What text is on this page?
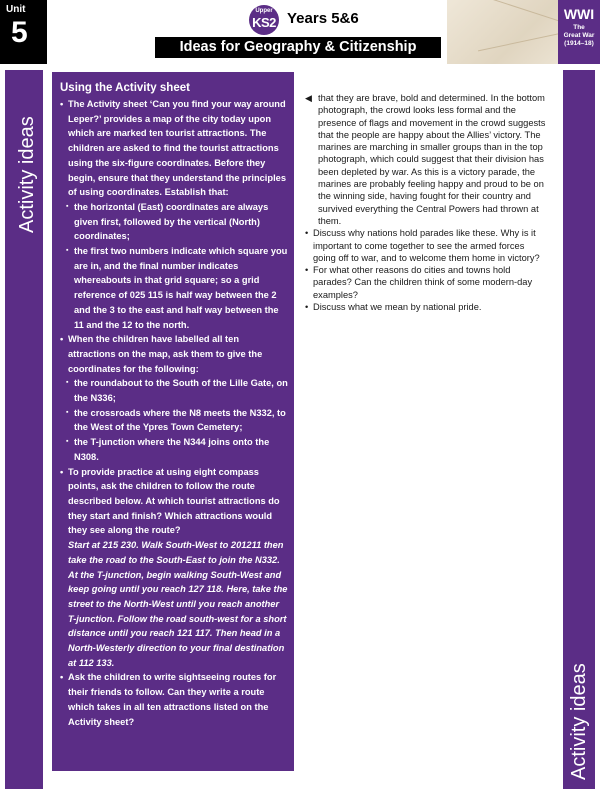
Unit
5
Upper
KS2 Years 5&6
Ideas for Geography & Citizenship
WWI
The
Great War
(1914–18)
Activity ideas
Activity ideas
Using the Activity sheet
• The Activity sheet ‘Can you find your way around Leper?’ provides a map of the city today upon which are marked ten tourist attractions. The children are asked to find the tourist attractions using the six-figure coordinates. Before they begin, ensure that they understand the principles of using coordinates. Establish that:
▪ the horizontal (East) coordinates are always given first, followed by the vertical (North) coordinates;
▪ the first two numbers indicate which square you are in, and the final number indicates whereabouts in that grid square; so a grid reference of 025 115 is half way between the 2 and the 3 to the east and half way between the 11 and the 12 to the north.
• When the children have labelled all ten attractions on the map, ask them to give the coordinates for the following:
▪ the roundabout to the South of the Lille Gate, on the N336;
▪ the crossroads where the N8 meets the N332, to the West of the Ypres Town Cemetery;
▪ the T-junction where the N344 joins onto the N308.
• To provide practice at using eight compass points, ask the children to follow the route described below. At which tourist attractions do they start and finish? Which attractions would they see along the route?
Start at 215 230. Walk South-West to 201211 then take the road to the South-East to join the N332. At the T-junction, begin walking South-West and keep going until you reach 127 118. Here, take the street to the North-West until you reach another T-junction. Follow the road south-west for a short distance until you reach 121 117. Then head in a North-Westerly direction to your final destination at 112 133.
• Ask the children to write sightseeing routes for their friends to follow. Can they write a route which takes in all ten attractions listed on the Activity sheet?
◀ that they are brave, bold and determined. In the bottom photograph, the crowd looks less formal and the presence of flags and movement in the crowd suggests that the people are happy about the Allies’ victory. The marines are marching in smaller groups than in the top photograph, which could suggest that their division has been depleted by war. As this is a victory parade, the marines are probably feeling happy and proud to be on the winning side, having fought for their country and survived everything the Central Powers had thrown at them.
• Discuss why nations hold parades like these. Why is it important to come together to see the armed forces going off to war, and to welcome them home in victory?
• For what other reasons do cities and towns hold parades? Can the children think of some modern-day examples?
• Discuss what we mean by national pride.
